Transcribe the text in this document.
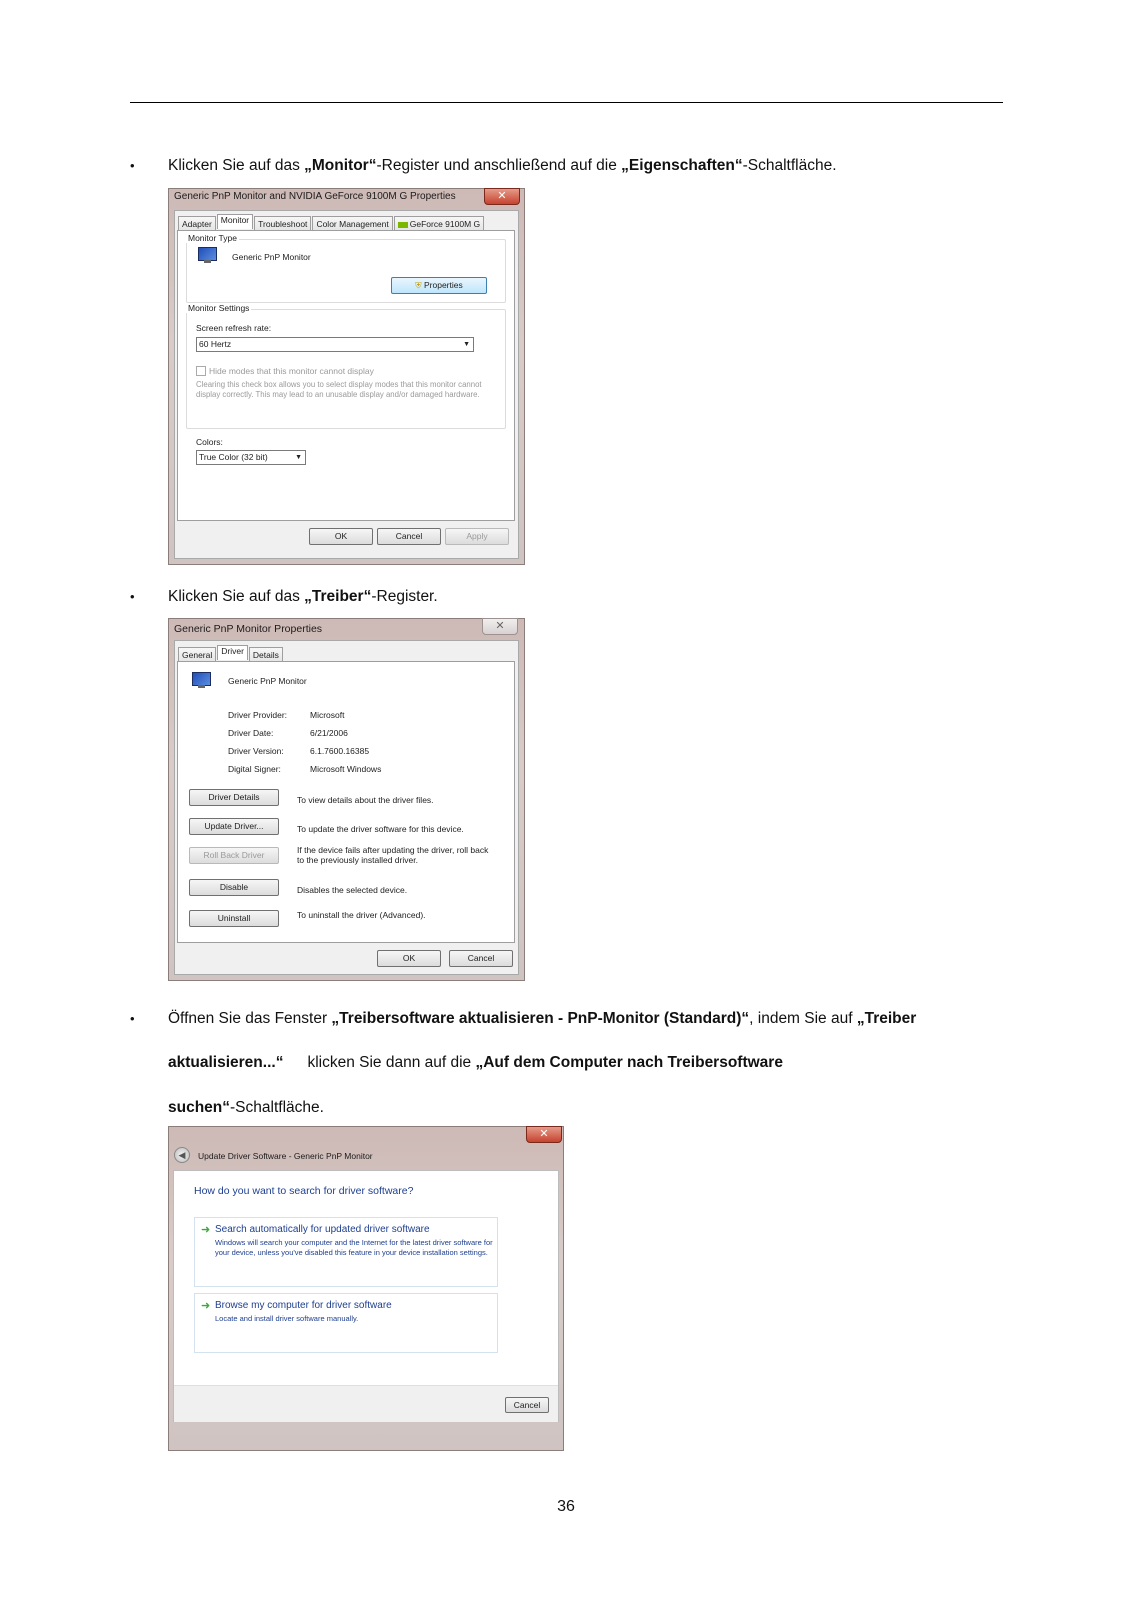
• Klicken Sie auf das „Monitor“-Register und anschließend auf die „Eigenschaften“-Schaltfläche.
Generic PnP Monitor and NVIDIA GeForce 9100M G Properties	✕
Adapter	Monitor	Troubleshoot	Color Management	GeForce 9100M G
Monitor Type
Generic PnP Monitor
⛨ Properties
Monitor Settings
Screen refresh rate:
60 Hertz	▼
Hide modes that this monitor cannot display
Clearing this check box allows you to select display modes that this monitor cannot display correctly. This may lead to an unusable display and/or damaged hardware.
Colors:
True Color (32 bit)	▼
OK	Cancel	Apply
• Klicken Sie auf das „Treiber“-Register.
Generic PnP Monitor Properties	✕
General	Driver	Details
Generic PnP Monitor
Driver Provider:	Microsoft
Driver Date:	6/21/2006
Driver Version:	6.1.7600.16385
Digital Signer:	Microsoft Windows
Driver Details	To view details about the driver files.
Update Driver...	To update the driver software for this device.
Roll Back Driver	If the device fails after updating the driver, roll back to the previously installed driver.
Disable	Disables the selected device.
Uninstall	To uninstall the driver (Advanced).
OK	Cancel
• Öffnen Sie das Fenster „Treibersoftware aktualisieren - PnP-Monitor (Standard)“, indem Sie auf „Treiber
aktualisieren...“ klicken Sie dann auf die „Auf dem Computer nach Treibersoftware
suchen“-Schaltfläche.
✕
◀	Update Driver Software - Generic PnP Monitor
How do you want to search for driver software?
➜ Search automatically for updated driver software
Windows will search your computer and the Internet for the latest driver software for your device, unless you've disabled this feature in your device installation settings.
➜ Browse my computer for driver software
Locate and install driver software manually.
Cancel
36
